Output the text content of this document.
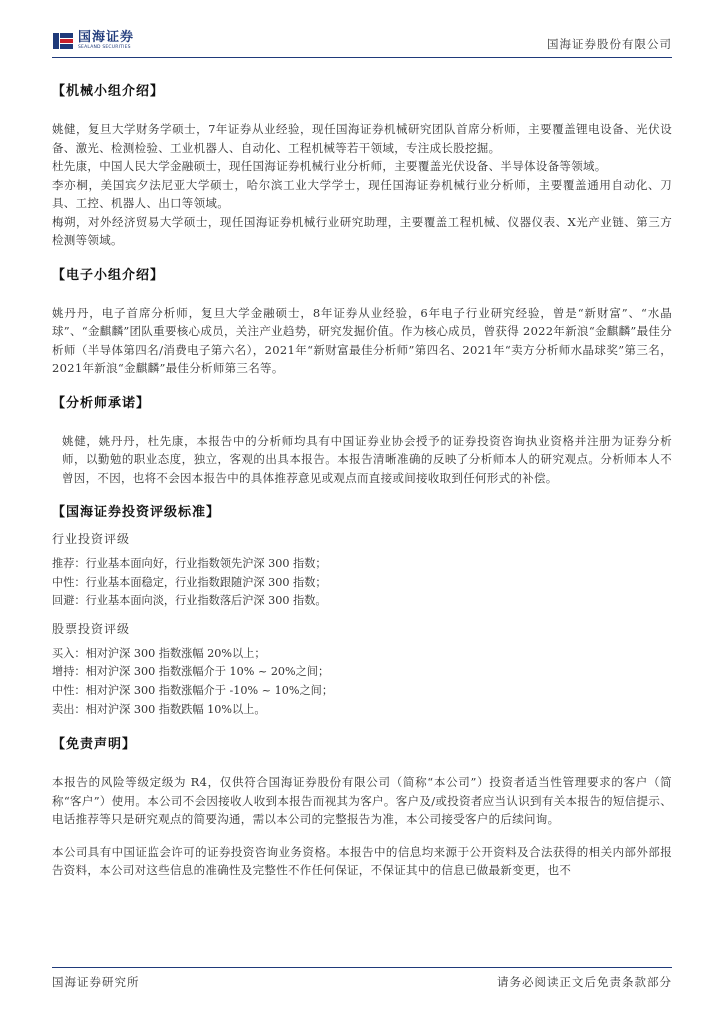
国海证券
SEALAND SECURITIES	国海证券股份有限公司
【机械小组介绍】

姚健，复旦大学财务学硕士，7年证券从业经验，现任国海证券机械研究团队首席分析师，主要覆盖锂电设备、光伏设备、激光、检测检验、工业机器人、自动化、工程机械等若干领域，专注成长股挖掘。

杜先康，中国人民大学金融硕士，现任国海证券机械行业分析师，主要覆盖光伏设备、半导体设备等领域。

李亦桐，美国宾夕法尼亚大学硕士，哈尔滨工业大学学士，现任国海证券机械行业分析师，主要覆盖通用自动化、刀具、工控、机器人、出口等领域。

梅朔，对外经济贸易大学硕士，现任国海证券机械行业研究助理，主要覆盖工程机械、仪器仪表、X光产业链、第三方检测等领域。

【电子小组介绍】

姚丹丹，电子首席分析师，复旦大学金融硕士，8年证券从业经验，6年电子行业研究经验，曾是“新财富”、“水晶球”、“金麒麟”团队重要核心成员，关注产业趋势，研究发掘价值。作为核心成员，曾获得 2022年新浪“金麒麟”最佳分析师（半导体第四名/消费电子第六名），2021年“新财富最佳分析师”第四名、2021年“卖方分析师水晶球奖”第三名，2021年新浪“金麒麟”最佳分析师第三名等。

【分析师承诺】

姚健，姚丹丹，杜先康，本报告中的分析师均具有中国证券业协会授予的证券投资咨询执业资格并注册为证券分析师，以勤勉的职业态度，独立，客观的出具本报告。本报告清晰准确的反映了分析师本人的研究观点。分析师本人不曾因，不因，也将不会因本报告中的具体推荐意见或观点而直接或间接收取到任何形式的补偿。

【国海证券投资评级标准】
行业投资评级
推荐：行业基本面向好，行业指数领先沪深 300 指数；
中性：行业基本面稳定，行业指数跟随沪深 300 指数；
回避：行业基本面向淡，行业指数落后沪深 300 指数。
股票投资评级
买入：相对沪深 300 指数涨幅 20%以上；
增持：相对沪深 300 指数涨幅介于 10% ~ 20%之间；
中性：相对沪深 300 指数涨幅介于 -10% ~ 10%之间；
卖出：相对沪深 300 指数跌幅 10%以上。
【免责声明】

本报告的风险等级定级为 R4，仅供符合国海证券股份有限公司（简称“本公司”）投资者适当性管理要求的客户（简称“客户”）使用。本公司不会因接收人收到本报告而视其为客户。客户及/或投资者应当认识到有关本报告的短信提示、电话推荐等只是研究观点的简要沟通，需以本公司的完整报告为准，本公司接受客户的后续问询。

本公司具有中国证监会许可的证券投资咨询业务资格。本报告中的信息均来源于公开资料及合法获得的相关内部外部报告资料，本公司对这些信息的准确性及完整性不作任何保证，不保证其中的信息已做最新变更，也不

国海证券研究所	请务必阅读正文后免责条款部分
